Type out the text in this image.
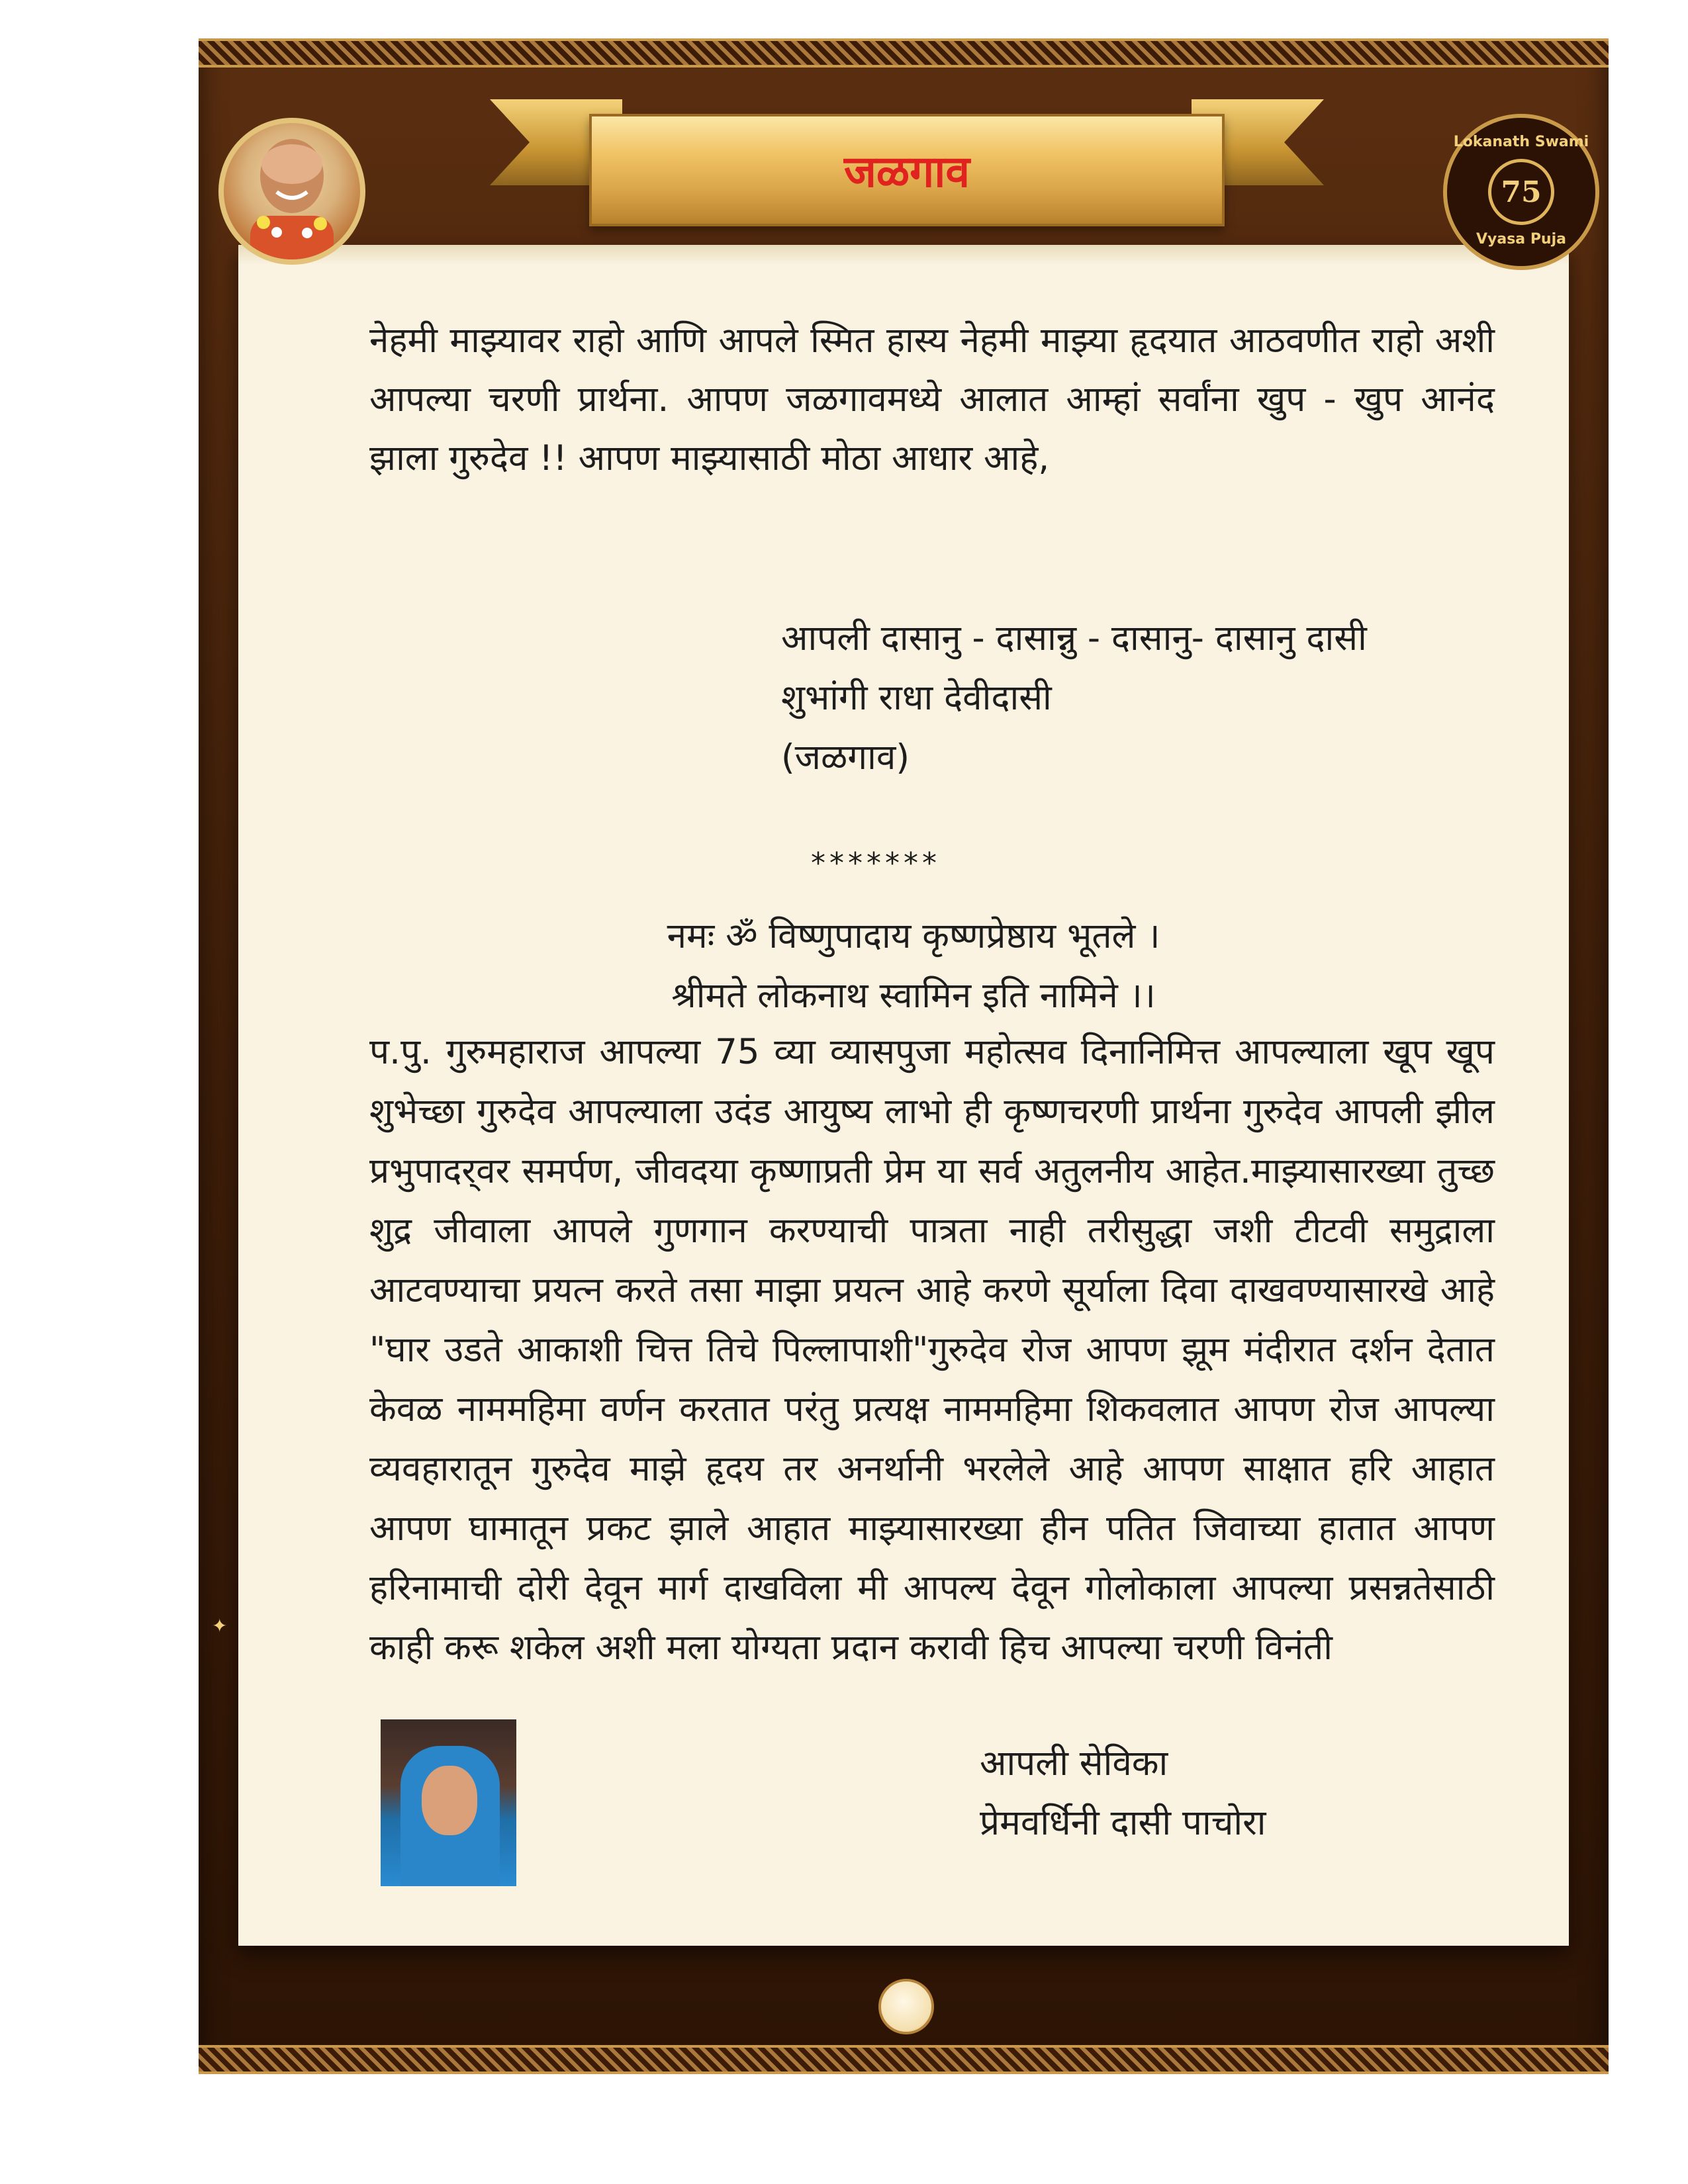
जळगाव
Lokanath Swami
75
Vyasa Puja
नेहमी माझ्यावर राहो आणि आपले स्मित हास्य नेहमी माझ्या हृदयात आठवणीत राहो अशी आपल्या चरणी प्रार्थना. आपण जळगावमध्ये आलात आम्हां सर्वांना खुप - खुप आनंद झाला गुरुदेव !! आपण माझ्यासाठी मोठा आधार आहे,
आपली दासानु - दासान्नु - दासानु- दासानु दासी
शुभांगी राधा देवीदासी
(जळगाव)
*******
नमः ॐ विष्णुपादाय कृष्णप्रेष्ठाय भूतले ।
श्रीमते लोकनाथ स्वामिन इति नामिने ।।
प.पु. गुरुमहाराज आपल्या 75 व्या व्यासपुजा महोत्सव दिनानिमित्त आपल्याला खूप खूप शुभेच्छा गुरुदेव आपल्याला उदंड आयुष्य लाभो ही कृष्णचरणी प्रार्थना गुरुदेव आपली झील प्रभुपादर्‌वर समर्पण, जीवदया कृष्णाप्रती प्रेम या सर्व अतुलनीय आहेत.माझ्यासारख्या तुच्छ शुद्र जीवाला आपले गुणगान करण्याची पात्रता नाही तरीसुद्धा जशी टीटवी समुद्राला आटवण्याचा प्रयत्न करते तसा माझा प्रयत्न आहे करणे सूर्याला दिवा दाखवण्यासारखे आहे "घार उडते आकाशी चित्त तिचे पिल्लापाशी"गुरुदेव रोज आपण झूम मंदीरात दर्शन देतात केवळ नाममहिमा वर्णन करतात परंतु प्रत्यक्ष नाममहिमा शिकवलात आपण रोज आपल्या व्यवहारातून गुरुदेव माझे हृदय तर अनर्थानी भरलेले आहे आपण साक्षात हरि आहात आपण घामातून प्रकट झाले आहात माझ्यासारख्या हीन पतित जिवाच्या हातात आपण हरिनामाची दोरी देवून मार्ग दाखविला मी आपल्य देवून गोलोकाला आपल्या प्रसन्नतेसाठी काही करू शकेल अशी मला योग्यता प्रदान करावी हिच आपल्या चरणी विनंती
आपली सेविका
प्रेमवर्धिनी दासी पाचोरा
✦
